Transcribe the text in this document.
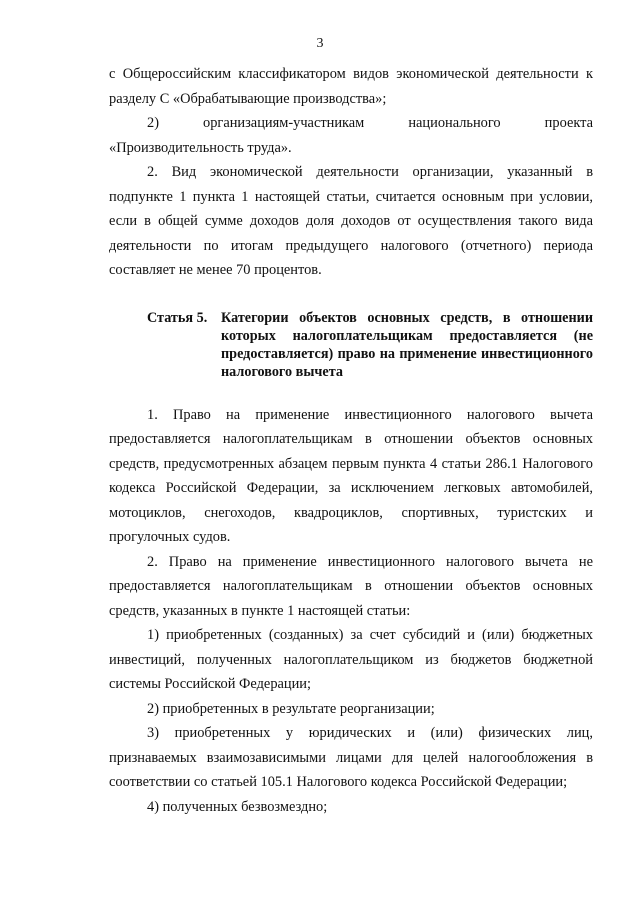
3

с Общероссийским классификатором видов экономической деятельности к разделу С «Обрабатывающие производства»;

2) организациям-участникам национального проекта «Производительность труда».

2. Вид экономической деятельности организации, указанный в подпункте 1 пункта 1 настоящей статьи, считается основным при условии, если в общей сумме доходов доля доходов от осуществления такого вида деятельности по итогам предыдущего налогового (отчетного) периода составляет не менее 70 процентов.

Статья 5. Категории объектов основных средств, в отношении которых налогоплательщикам предоставляется (не предоставляется) право на применение инвестиционного налогового вычета

1. Право на применение инвестиционного налогового вычета предоставляется налогоплательщикам в отношении объектов основных средств, предусмотренных абзацем первым пункта 4 статьи 286.1 Налогового кодекса Российской Федерации, за исключением легковых автомобилей, мотоциклов, снегоходов, квадроциклов, спортивных, туристских и прогулочных судов.

2. Право на применение инвестиционного налогового вычета не предоставляется налогоплательщикам в отношении объектов основных средств, указанных в пункте 1 настоящей статьи:

1) приобретенных (созданных) за счет субсидий и (или) бюджетных инвестиций, полученных налогоплательщиком из бюджетов бюджетной системы Российской Федерации;

2) приобретенных в результате реорганизации;

3) приобретенных у юридических и (или) физических лиц, признаваемых взаимозависимыми лицами для целей налогообложения в соответствии со статьей 105.1 Налогового кодекса Российской Федерации;

4) полученных безвозмездно;
